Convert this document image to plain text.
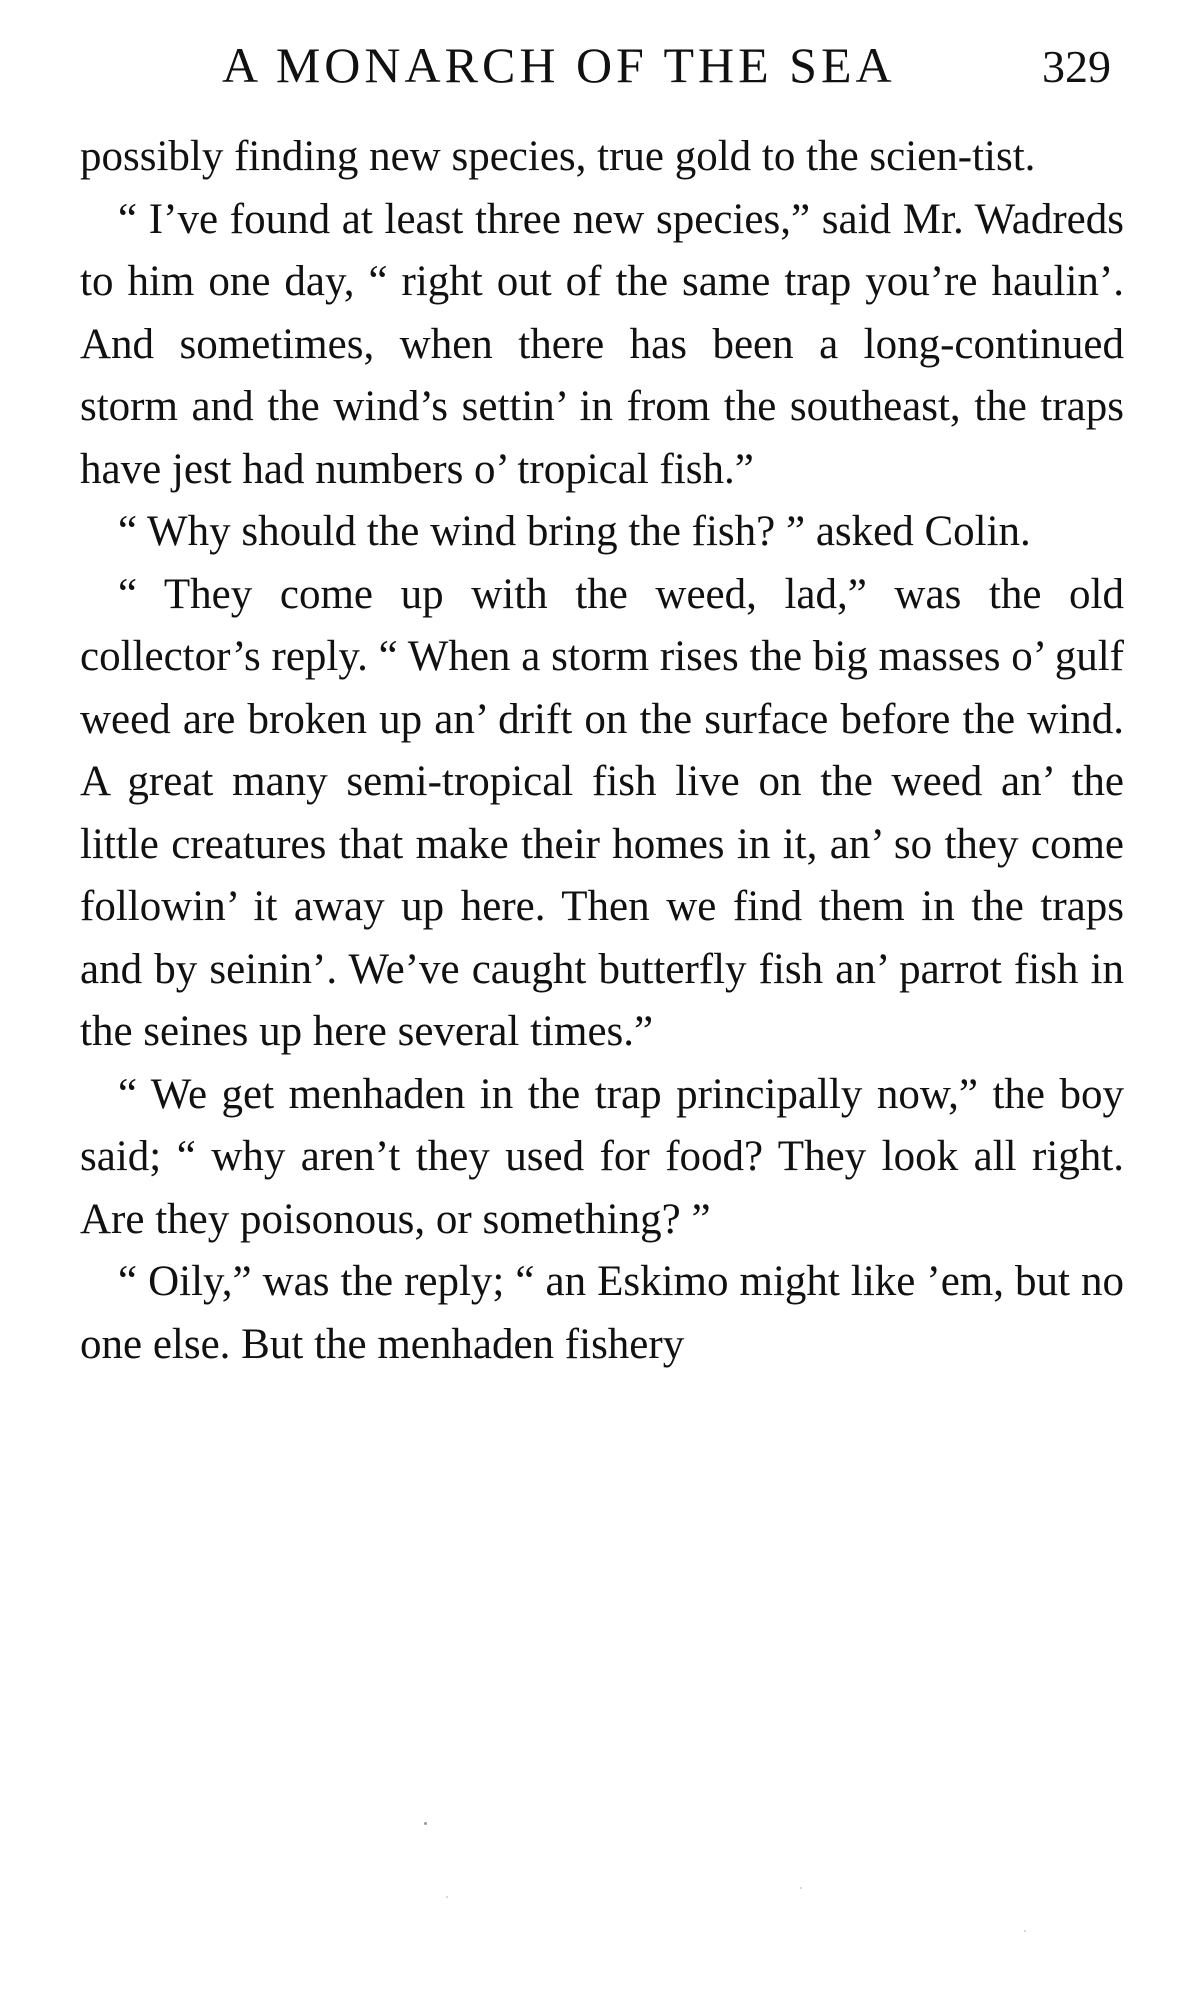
A MONARCH OF THE SEA	329

possibly finding new species, true gold to the scien-tist.

“ I’ve found at least three new species,” said Mr. Wadreds to him one day, “ right out of the same trap you’re haulin’. And sometimes, when there has been a long-continued storm and the wind’s settin’ in from the southeast, the traps have jest had numbers o’ tropical fish.”

“ Why should the wind bring the fish? ” asked Colin.

“ They come up with the weed, lad,” was the old collector’s reply. “ When a storm rises the big masses o’ gulf weed are broken up an’ drift on the surface before the wind. A great many semi-tropical fish live on the weed an’ the little creatures that make their homes in it, an’ so they come followin’ it away up here. Then we find them in the traps and by seinin’. We’ve caught butterfly fish an’ parrot fish in the seines up here several times.”

“ We get menhaden in the trap principally now,” the boy said; “ why aren’t they used for food? They look all right. Are they poisonous, or something? ”

“ Oily,” was the reply; “ an Eskimo might like ’em, but no one else. But the menhaden fishery
